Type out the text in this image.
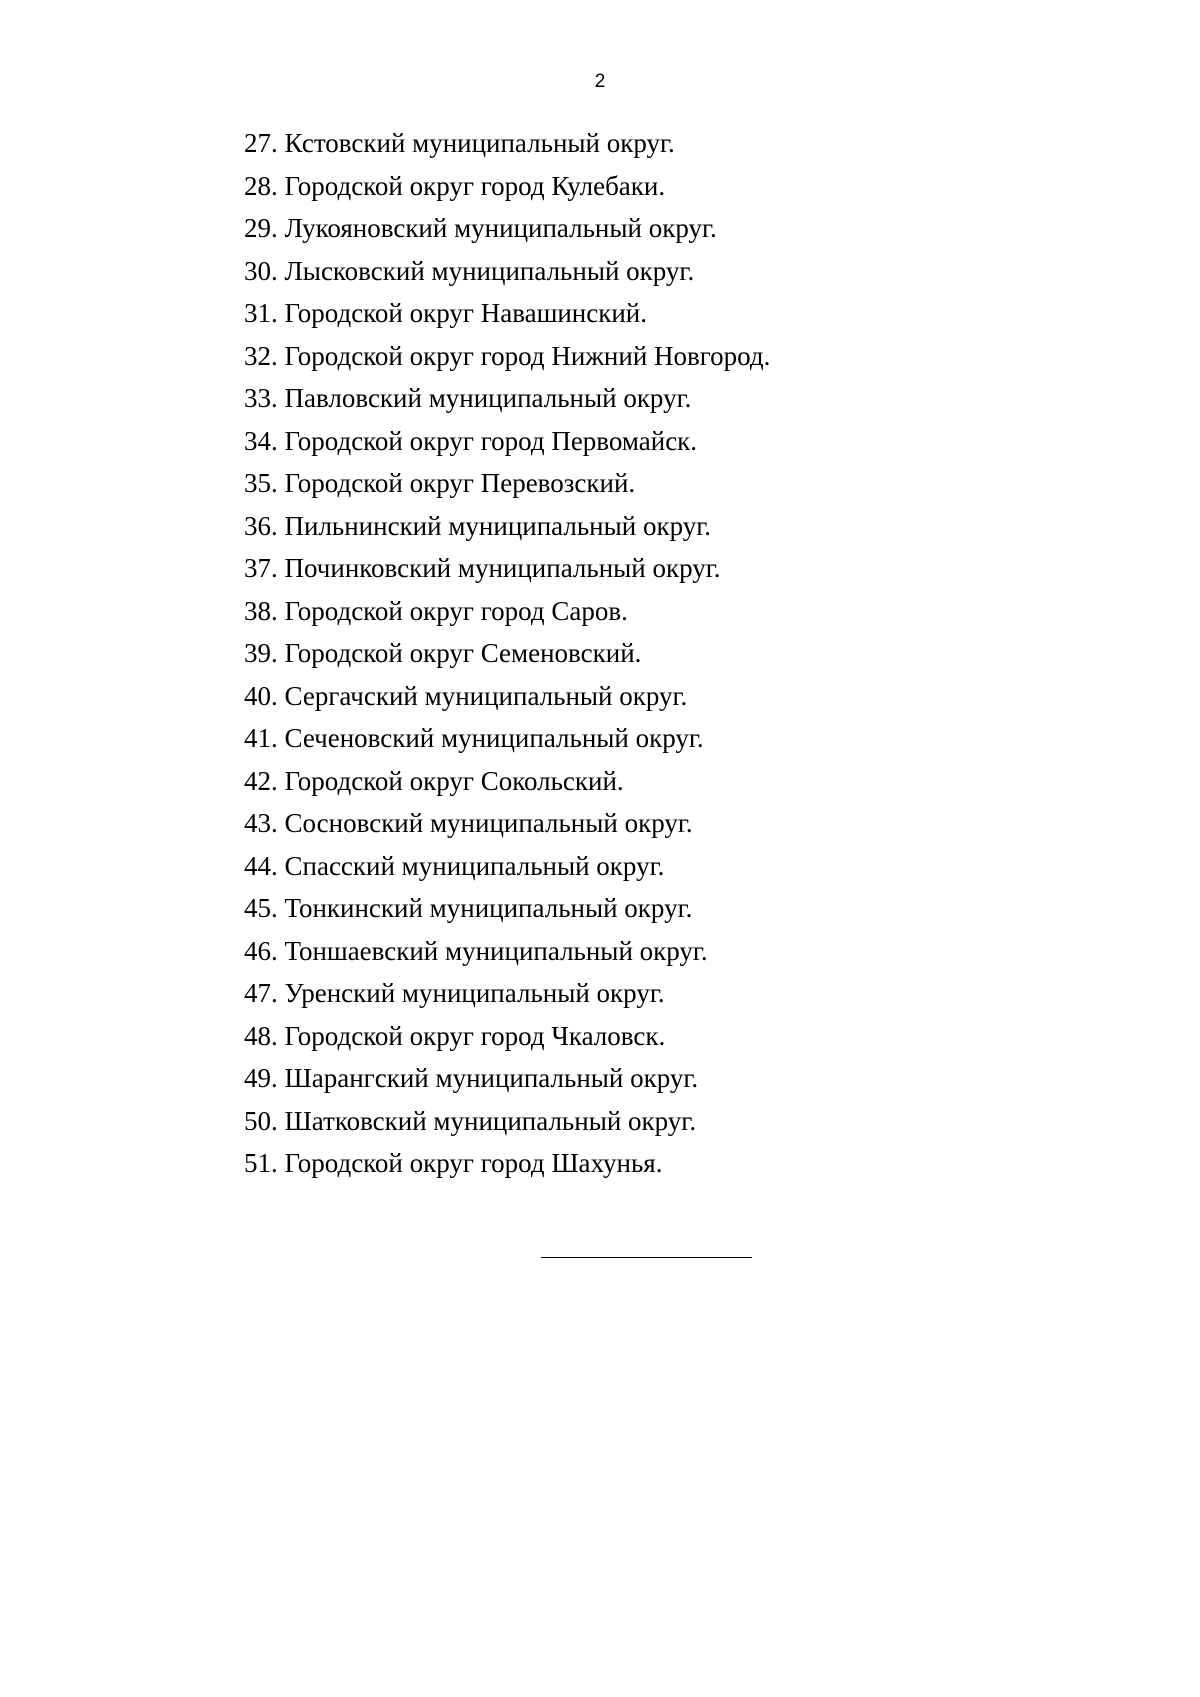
2
27. Кстовский муниципальный округ.
28. Городской округ город Кулебаки.
29. Лукояновский муниципальный округ.
30. Лысковский муниципальный округ.
31. Городской округ Навашинский.
32. Городской округ город Нижний Новгород.
33. Павловский муниципальный округ.
34. Городской округ город Первомайск.
35. Городской округ Перевозский.
36. Пильнинский муниципальный округ.
37. Починковский муниципальный округ.
38. Городской округ город Саров.
39. Городской округ Семеновский.
40. Сергачский муниципальный округ.
41. Сеченовский муниципальный округ.
42. Городской округ Сокольский.
43. Сосновский муниципальный округ.
44. Спасский муниципальный округ.
45. Тонкинский муниципальный округ.
46. Тоншаевский муниципальный округ.
47. Уренский муниципальный округ.
48. Городской округ город Чкаловск.
49. Шарангский муниципальный округ.
50. Шатковский муниципальный округ.
51. Городской округ город Шахунья.
